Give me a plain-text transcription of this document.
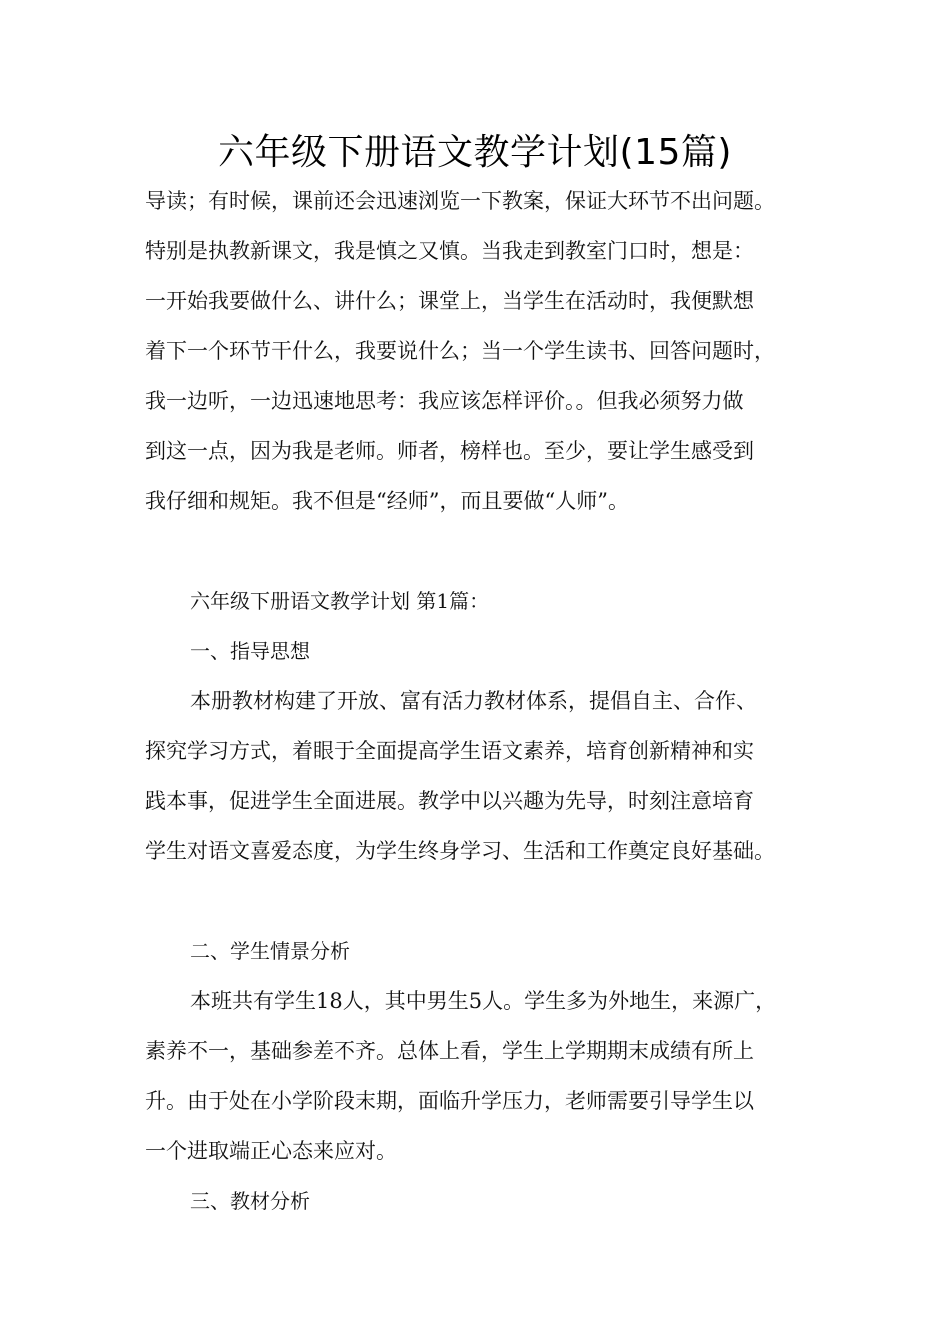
六年级下册语文教学计划(15篇)
导读；有时候，课前还会迅速浏览一下教案，保证大环节不出问题。
特别是执教新课文，我是慎之又慎。当我走到教室门口时，想是：
一开始我要做什么、讲什么；课堂上，当学生在活动时，我便默想
着下一个环节干什么，我要说什么；当一个学生读书、回答问题时，
我一边听，一边迅速地思考：我应该怎样评价。。但我必须努力做
到这一点，因为我是老师。师者，榜样也。至少，要让学生感受到
我仔细和规矩。我不但是“经师”，而且要做“人师”。
六年级下册语文教学计划 第1篇：
一、指导思想
本册教材构建了开放、富有活力教材体系，提倡自主、合作、
探究学习方式，着眼于全面提高学生语文素养，培育创新精神和实
践本事，促进学生全面进展。教学中以兴趣为先导，时刻注意培育
学生对语文喜爱态度，为学生终身学习、生活和工作奠定良好基础。
二、学生情景分析
本班共有学生18人，其中男生5人。学生多为外地生，来源广，
素养不一，基础参差不齐。总体上看，学生上学期期末成绩有所上
升。由于处在小学阶段末期，面临升学压力，老师需要引导学生以
一个进取端正心态来应对。
三、教材分析
